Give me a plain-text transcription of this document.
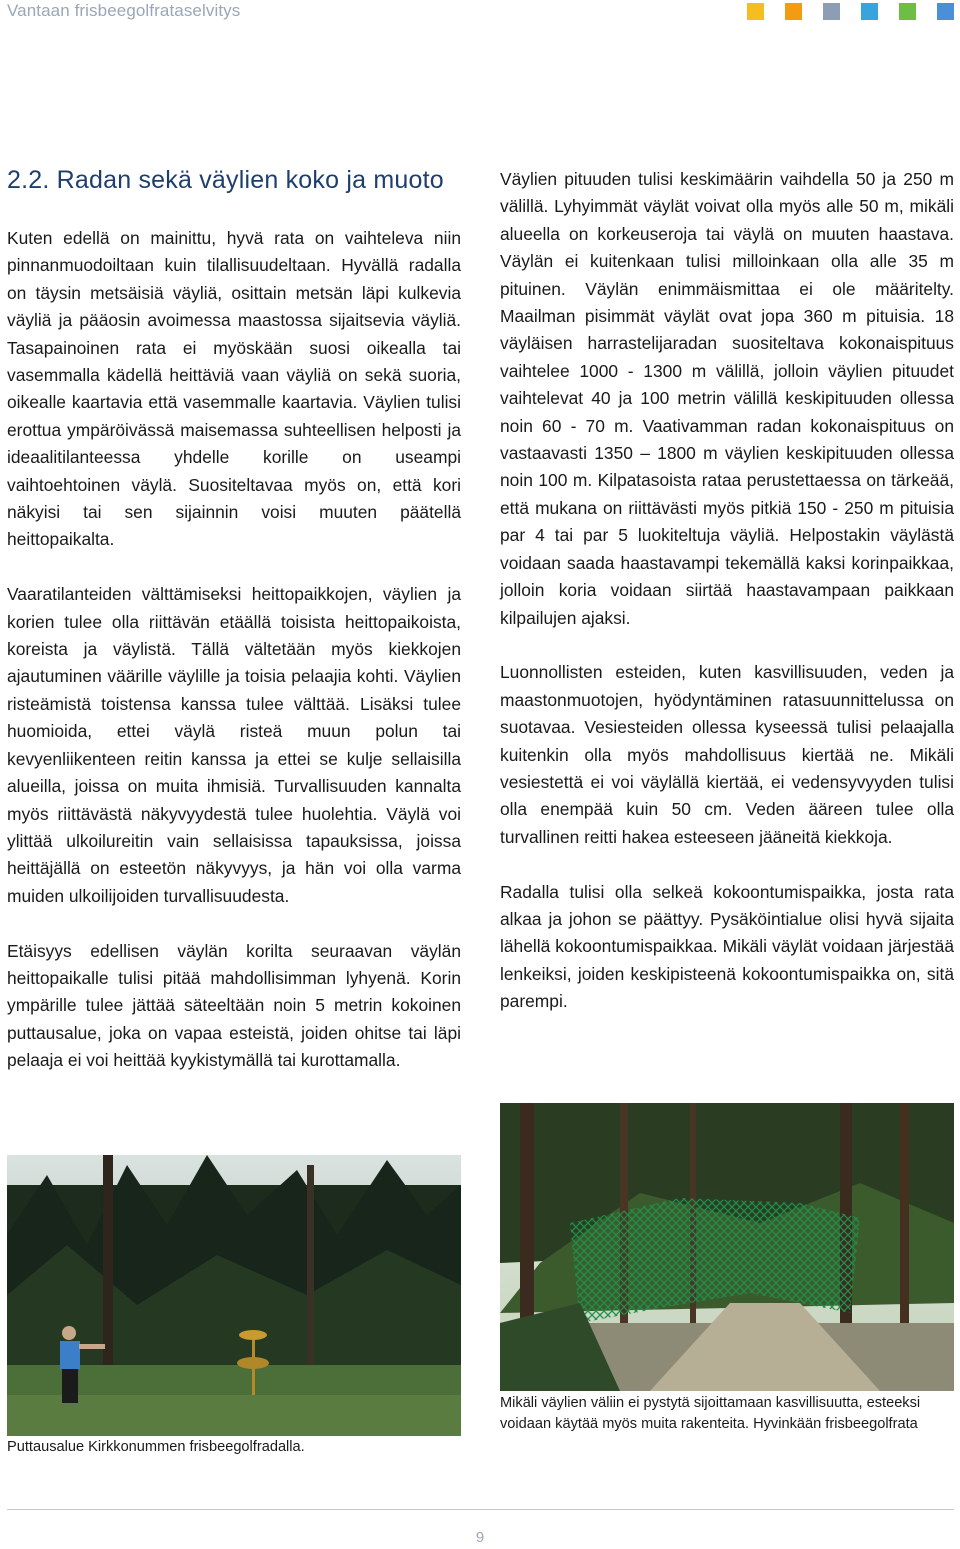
Vantaan frisbeegolfrataselvitys
2.2. Radan sekä väylien koko ja muoto

Kuten edellä on mainittu, hyvä rata on vaihteleva niin pinnanmuodoiltaan kuin tilallisuudeltaan. Hyvällä radalla on täysin metsäisiä väyliä, osittain metsän läpi kulkevia väyliä ja pääosin avoimessa maastossa sijaitsevia väyliä. Tasapainoinen rata ei myöskään suosi oikealla tai vasemmalla kädellä heittäviä vaan väyliä on sekä suoria, oikealle kaartavia että vasemmalle kaartavia. Väylien tulisi erottua ympäröivässä maisemassa suhteellisen helposti ja ideaalitilanteessa yhdelle korille on useampi vaihtoehtoinen väylä. Suositeltavaa myös on, että kori näkyisi tai sen sijainnin voisi muuten päätellä heittopaikalta.

Vaaratilanteiden välttämiseksi heittopaikkojen, väylien ja korien tulee olla riittävän etäällä toisista heittopaikoista, koreista ja väylistä. Tällä vältetään myös kiekkojen ajautuminen väärille väylille ja toisia pelaajia kohti. Väylien risteämistä toistensa kanssa tulee välttää. Lisäksi tulee huomioida, ettei väylä risteä muun polun tai kevyenliikenteen reitin kanssa ja ettei se kulje sellaisilla alueilla, joissa on muita ihmisiä. Turvallisuuden kannalta myös riittävästä näkyvyydestä tulee huolehtia. Väylä voi ylittää ulkoilureitin vain sellaisissa tapauksissa, joissa heittäjällä on esteetön näkyvyys, ja hän voi olla varma muiden ulkoilijoiden turvallisuudesta.

Etäisyys edellisen väylän korilta seuraavan väylän heittopaikalle tulisi pitää mahdollisimman lyhyenä. Korin ympärille tulee jättää säteeltään noin 5 metrin kokoinen puttausalue, joka on vapaa esteistä, joiden ohitse tai läpi pelaaja ei voi heittää kyykistymällä tai kurottamalla.

Väylien pituuden tulisi keskimäärin vaihdella 50 ja 250 m välillä. Lyhyimmät väylät voivat olla myös alle 50 m, mikäli alueella on korkeuseroja tai väylä on muuten haastava. Väylän ei kuitenkaan tulisi milloinkaan olla alle 35 m pituinen. Väylän enimmäismittaa ei ole määritelty. Maailman pisimmät väylät ovat jopa 360 m pituisia. 18 väyläisen harrastelijaradan suositeltava kokonaispituus vaihtelee 1000 - 1300 m välillä, jolloin väylien pituudet vaihtelevat 40 ja 100 metrin välillä keskipituuden ollessa noin 60 - 70 m. Vaativamman radan kokonaispituus on vastaavasti 1350 – 1800 m väylien keskipituuden ollessa noin 100 m. Kilpatasoista rataa perustettaessa on tärkeää, että mukana on riittävästi myös pitkiä 150 - 250 m pituisia par 4 tai par 5 luokiteltuja väyliä. Helpostakin väylästä voidaan saada haastavampi tekemällä kaksi korinpaikkaa, jolloin koria voidaan siirtää haastavampaan paikkaan kilpailujen ajaksi.

Luonnollisten esteiden, kuten kasvillisuuden, veden ja maastonmuotojen, hyödyntäminen ratasuunnittelussa on suotavaa. Vesiesteiden ollessa kyseessä tulisi pelaajalla kuitenkin olla myös mahdollisuus kiertää ne. Mikäli vesiestettä ei voi väylällä kiertää, ei vedensyvyyden tulisi olla enempää kuin 50 cm. Veden ääreen tulee olla turvallinen reitti hakea esteeseen jääneitä kiekkoja.

Radalla tulisi olla selkeä kokoontumispaikka, josta rata alkaa ja johon se päättyy. Pysäköintialue olisi hyvä sijaita lähellä kokoontumispaikkaa. Mikäli väylät voidaan järjestää lenkeiksi, joiden keskipisteenä kokoontumispaikka on, sitä parempi.

Puttausalue Kirkkonummen frisbeegolfradalla.

Mikäli väylien väliin ei pystytä sijoittamaan kasvillisuutta, esteeksi voidaan käytää myös muita rakenteita. Hyvinkään frisbeegolfrata

9
